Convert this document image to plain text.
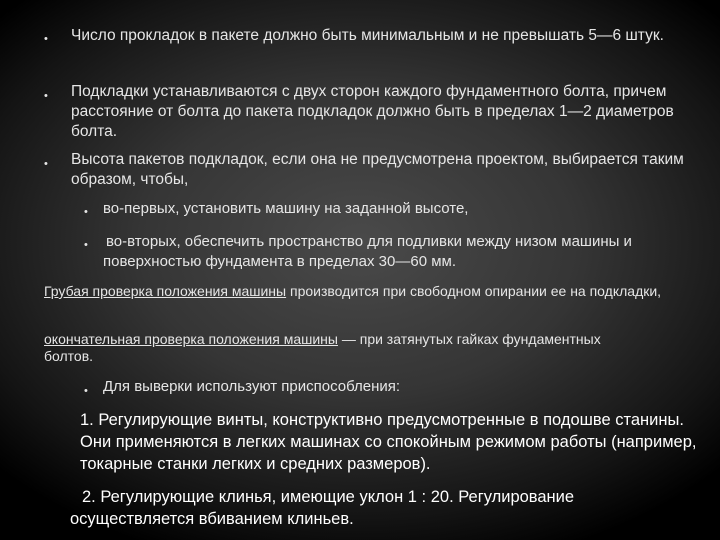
• Число прокладок в пакете должно быть минимальным и не превышать 5—6 штук.

• Подкладки устанавливаются с двух сторон каждого фундаментного болта, причем расстояние от болта до пакета подкладок должно быть в пределах 1—2 диаметров болта.

• Высота пакетов подкладок, если она не предусмотрена проектом, выбирается таким образом, чтобы,

• во-первых, установить машину на заданной высоте,

• во-вторых, обеспечить пространство для подливки между низом машины и поверхностью фундамента в пределах 30—60 мм.

Грубая проверка положения машины производится при свободном опирании ее на подкладки,

окончательная проверка положения машины — при затянутых гайках фундаментных болтов.

• Для выверки используют приспособления:

1. Регулирующие винты, конструктивно предусмотренные в подошве станины. Они применяются в легких машинах со спокойным режимом работы (например, токарные станки легких и средних размеров).

2. Регулирующие клинья, имеющие уклон 1 : 20. Регулирование осуществляется вбиванием клиньев.
